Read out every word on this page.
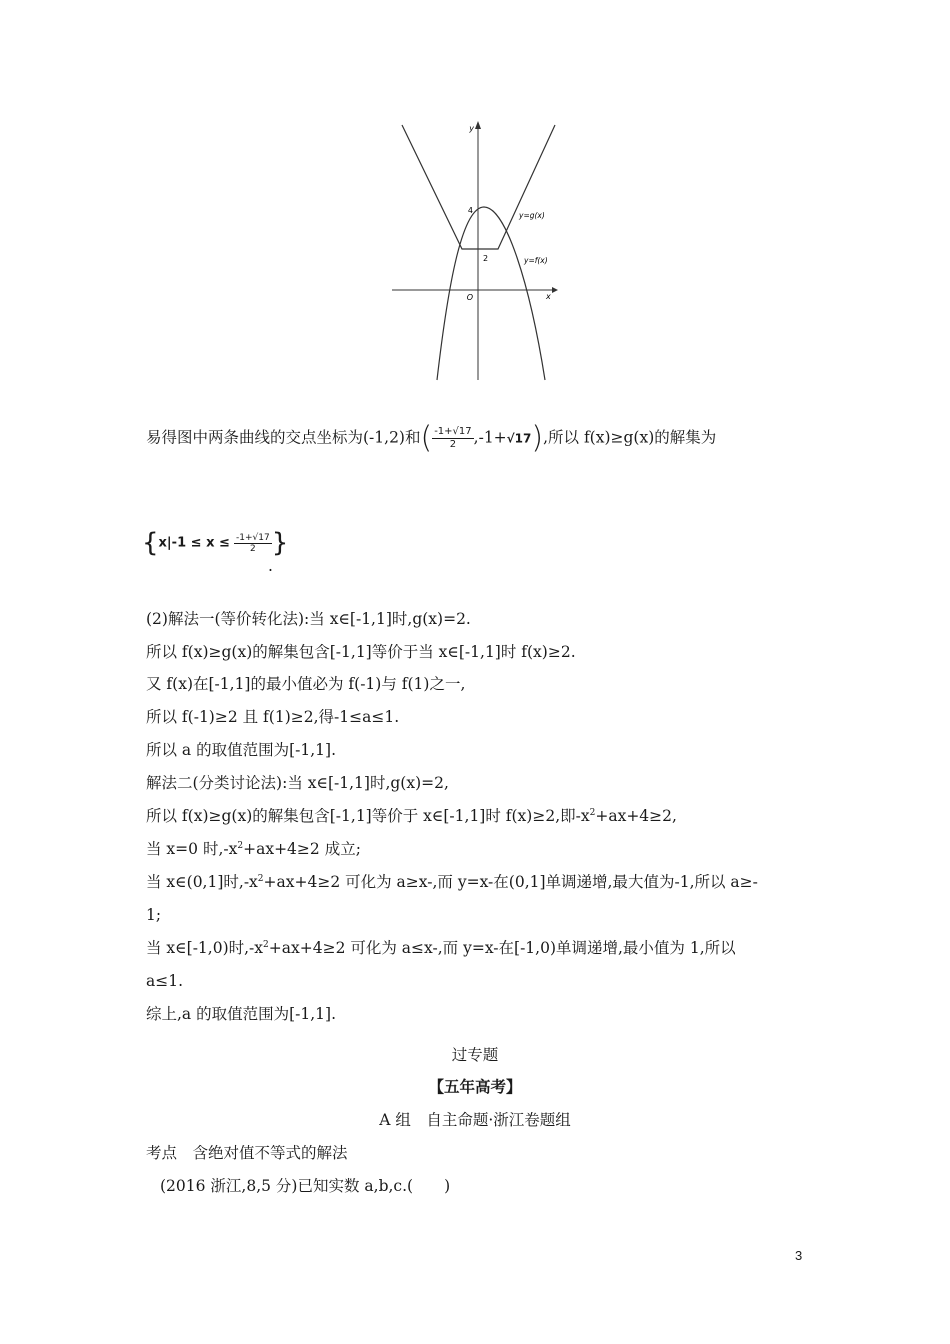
y
x
O
4
2
y=g(x)
y=f(x)
易得图中两条曲线的交点坐标为(-1,2)和( $\frac{-1+√17}{2} ,-1+√17$),所以 f(x)≥g(x)的解集为
{$x|-1 \le x \le \frac{-1+√17}{2}$ }
.
(2)解法一(等价转化法):当 x∈[-1,1]时,g(x)=2.
所以 f(x)≥g(x)的解集包含[-1,1]等价于当 x∈[-1,1]时 f(x)≥2.
又 f(x)在[-1,1]的最小值必为 f(-1)与 f(1)之一,
所以 f(-1)≥2 且 f(1)≥2,得-1≤a≤1.
所以 a 的取值范围为[-1,1].
解法二(分类讨论法):当 x∈[-1,1]时,g(x)=2,
所以 f(x)≥g(x)的解集包含[-1,1]等价于 x∈[-1,1]时 f(x)≥2,即$-x^2+ax+4\ge 2$,
当 x=0 时$,-x^2+ax+4\ge 2$ 成立;
当 x∈(0,1]时$,-x^2+ax+4\ge 2$ 可化为 a≥x-,而 y=x-在(0,1]单调递增,最大值为-1,所以 a≥-
1;
当 x∈[-1,0)时$,-x^2+ax+4\ge 2$ 可化为 a≤x-,而 y=x-在[-1,0)单调递增,最小值为 1,所以
a≤1.
综上,a 的取值范围为[-1,1].
过专题
【五年高考】
A 组　自主命题·浙江卷题组
考点　含绝对值不等式的解法
(2016 浙江,8,5 分)已知实数 a,b,c.(　　)
3
